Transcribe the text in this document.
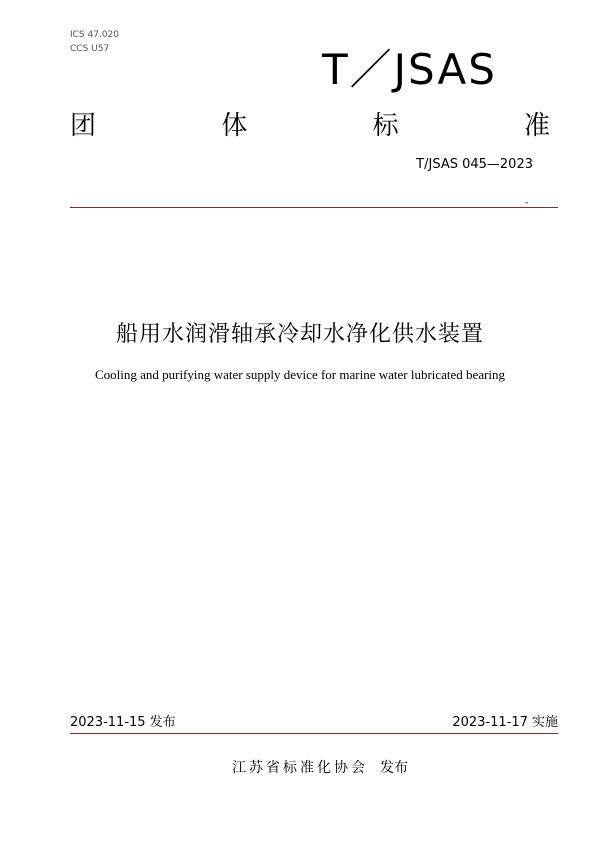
ICS 47.020
CCS U57	T／JSAS
团	体	标	准
T/JSAS 045—2023
-
船用水润滑轴承冷却水净化供水装置
Cooling and purifying water supply device for marine water lubricated bearing
2023-11-15 发布	2023-11-17 实施
江苏省标准化协会 发布
